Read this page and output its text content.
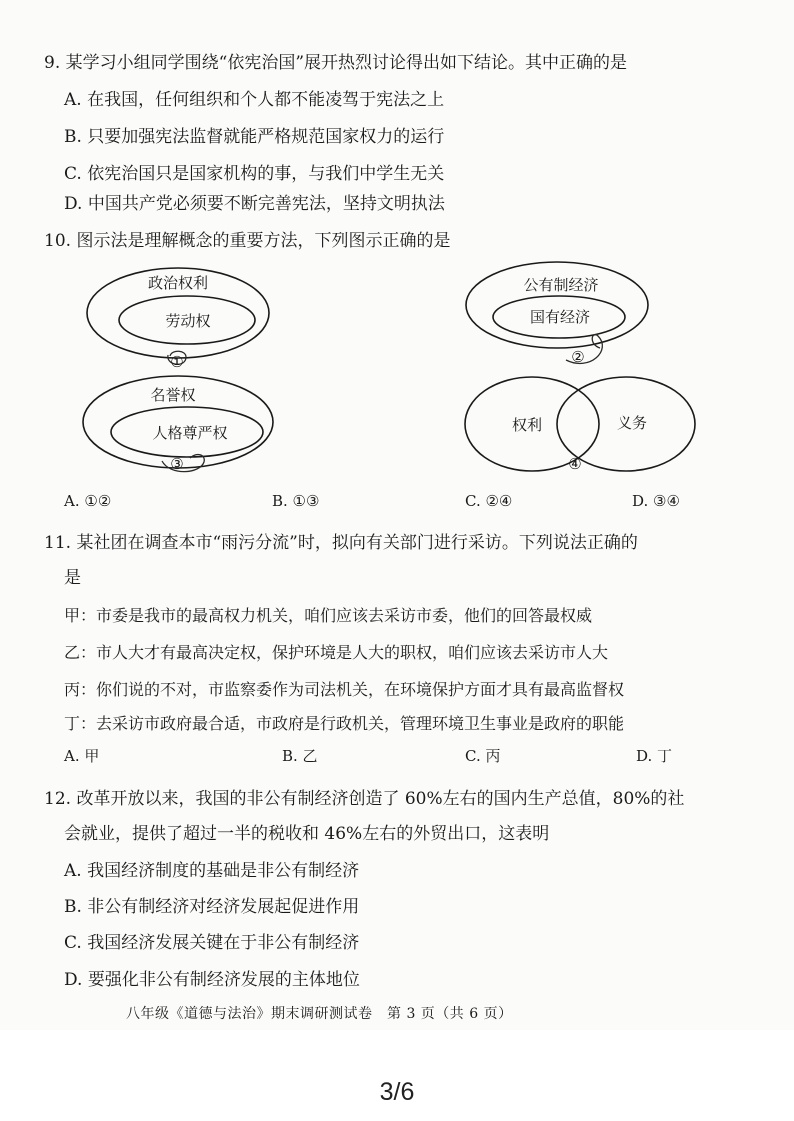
9. 某学习小组同学围绕“依宪治国”展开热烈讨论得出如下结论。其中正确的是
A. 在我国，任何组织和个人都不能凌驾于宪法之上
B. 只要加强宪法监督就能严格规范国家权力的运行
C. 依宪治国只是国家机构的事，与我们中学生无关
D. 中国共产党必须要不断完善宪法，坚持文明执法
10. 图示法是理解概念的重要方法，下列图示正确的是
政治权利
劳动权
①
公有制经济
国有经济
②
名誉权
人格尊严权
③
权利	义务
④
A. ①②	B. ①③	C. ②④	D. ③④
11. 某社团在调查本市“雨污分流”时，拟向有关部门进行采访。下列说法正确的
是
甲：市委是我市的最高权力机关，咱们应该去采访市委，他们的回答最权威
乙：市人大才有最高决定权，保护环境是人大的职权，咱们应该去采访市人大
丙：你们说的不对，市监察委作为司法机关，在环境保护方面才具有最高监督权
丁：去采访市政府最合适，市政府是行政机关，管理环境卫生事业是政府的职能
A. 甲	B. 乙	C. 丙	D. 丁
12. 改革开放以来，我国的非公有制经济创造了 60%左右的国内生产总值，80%的社
会就业，提供了超过一半的税收和 46%左右的外贸出口，这表明
A. 我国经济制度的基础是非公有制经济
B. 非公有制经济对经济发展起促进作用
C. 我国经济发展关键在于非公有制经济
D. 要强化非公有制经济发展的主体地位
八年级《道德与法治》期末调研测试卷　第 3 页（共 6 页）
3/6
